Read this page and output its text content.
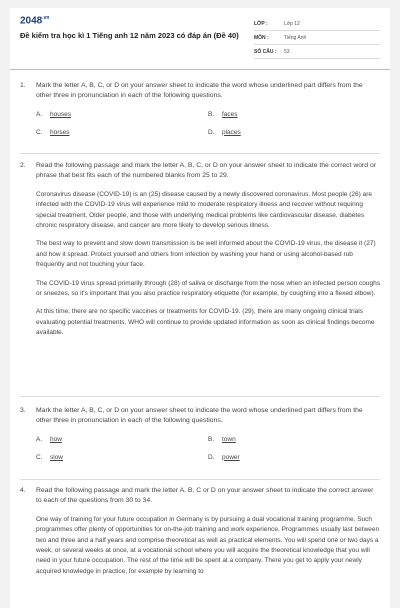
$2048^{.vn}$
Đề kiểm tra học kì 1 Tiếng anh 12 năm 2023 có đáp án (Đề 40)
LỚP :	Lớp 12
MÔN :	Tiếng Anh
SỐ CÂU :	53
1.	Mark the letter A, B, C, or D on your answer sheet to indicate the word whose underlined part differs from the other three in pronunciation in each of the following questions.
A. houses	B. faces
C. horses	D. places
2.	Read the following passage and mark the letter A, B, C, or D on your answer sheet to indicate the correct word or phrase that best fits each of the numbered blanks from 25 to 29.
Coronavirus disease (COVID-19) is an (25) disease caused by a newly discovered coronavirus. Most people (26) are infected with the COVID-19 virus will experience mild to moderate respiratory illness and recover without requiring special treatment. Older people, and those with underlying medical problems like cardiovascular disease, diabetes chronic respiratory disease, and cancer are more likely to develop serious illness.
The best way to prevent and slow down transmission is be well informed about the COVID-19 virus, the disease it (27) and how it spread. Protect yourself and others from infection by washing your hand or using alcohol-based rub frequently and not touching your face.
The COVID-19 virus spread primarily through (28) of saliva or discharge from the nose when an infected person coughs or sneezes, so it's important that you also practice respiratory etiquette (for example, by coughing into a flexed elbow).
At this time, there are no specific vaccines or treatments for COVID-19. (29), there are many ongoing clinical trials evaluating potential treatments. WHO will continue to provide updated information as soon as clinical findings become available.
3.	Mark the letter A, B, C, or D on your answer sheet to indicate the word whose underlined part differs from the other three in pronunciation in each of the following questions.
A. how	B. town
C. slow	D. power
4.	Read the following passage and mark the letter A, B, C or D on your answer sheet to indicate the correct answer to each of the questions from 30 to 34.
One way of training for your future occupation in Germany is by pursuing a dual vocational training programme. Such programmes offer plenty of opportunities for on-the-job training and work experience. Programmes usually last between two and three and a half years and comprise theoretical as well as practical elements. You will spend one or two days a week, or several weeks at once, at a vocational school where you will acquire the theoretical knowledge that you will need in your future occupation. The rest of the time will be spent at a company. There you get to apply your newly acquired knowledge in practice, for example by learning to
